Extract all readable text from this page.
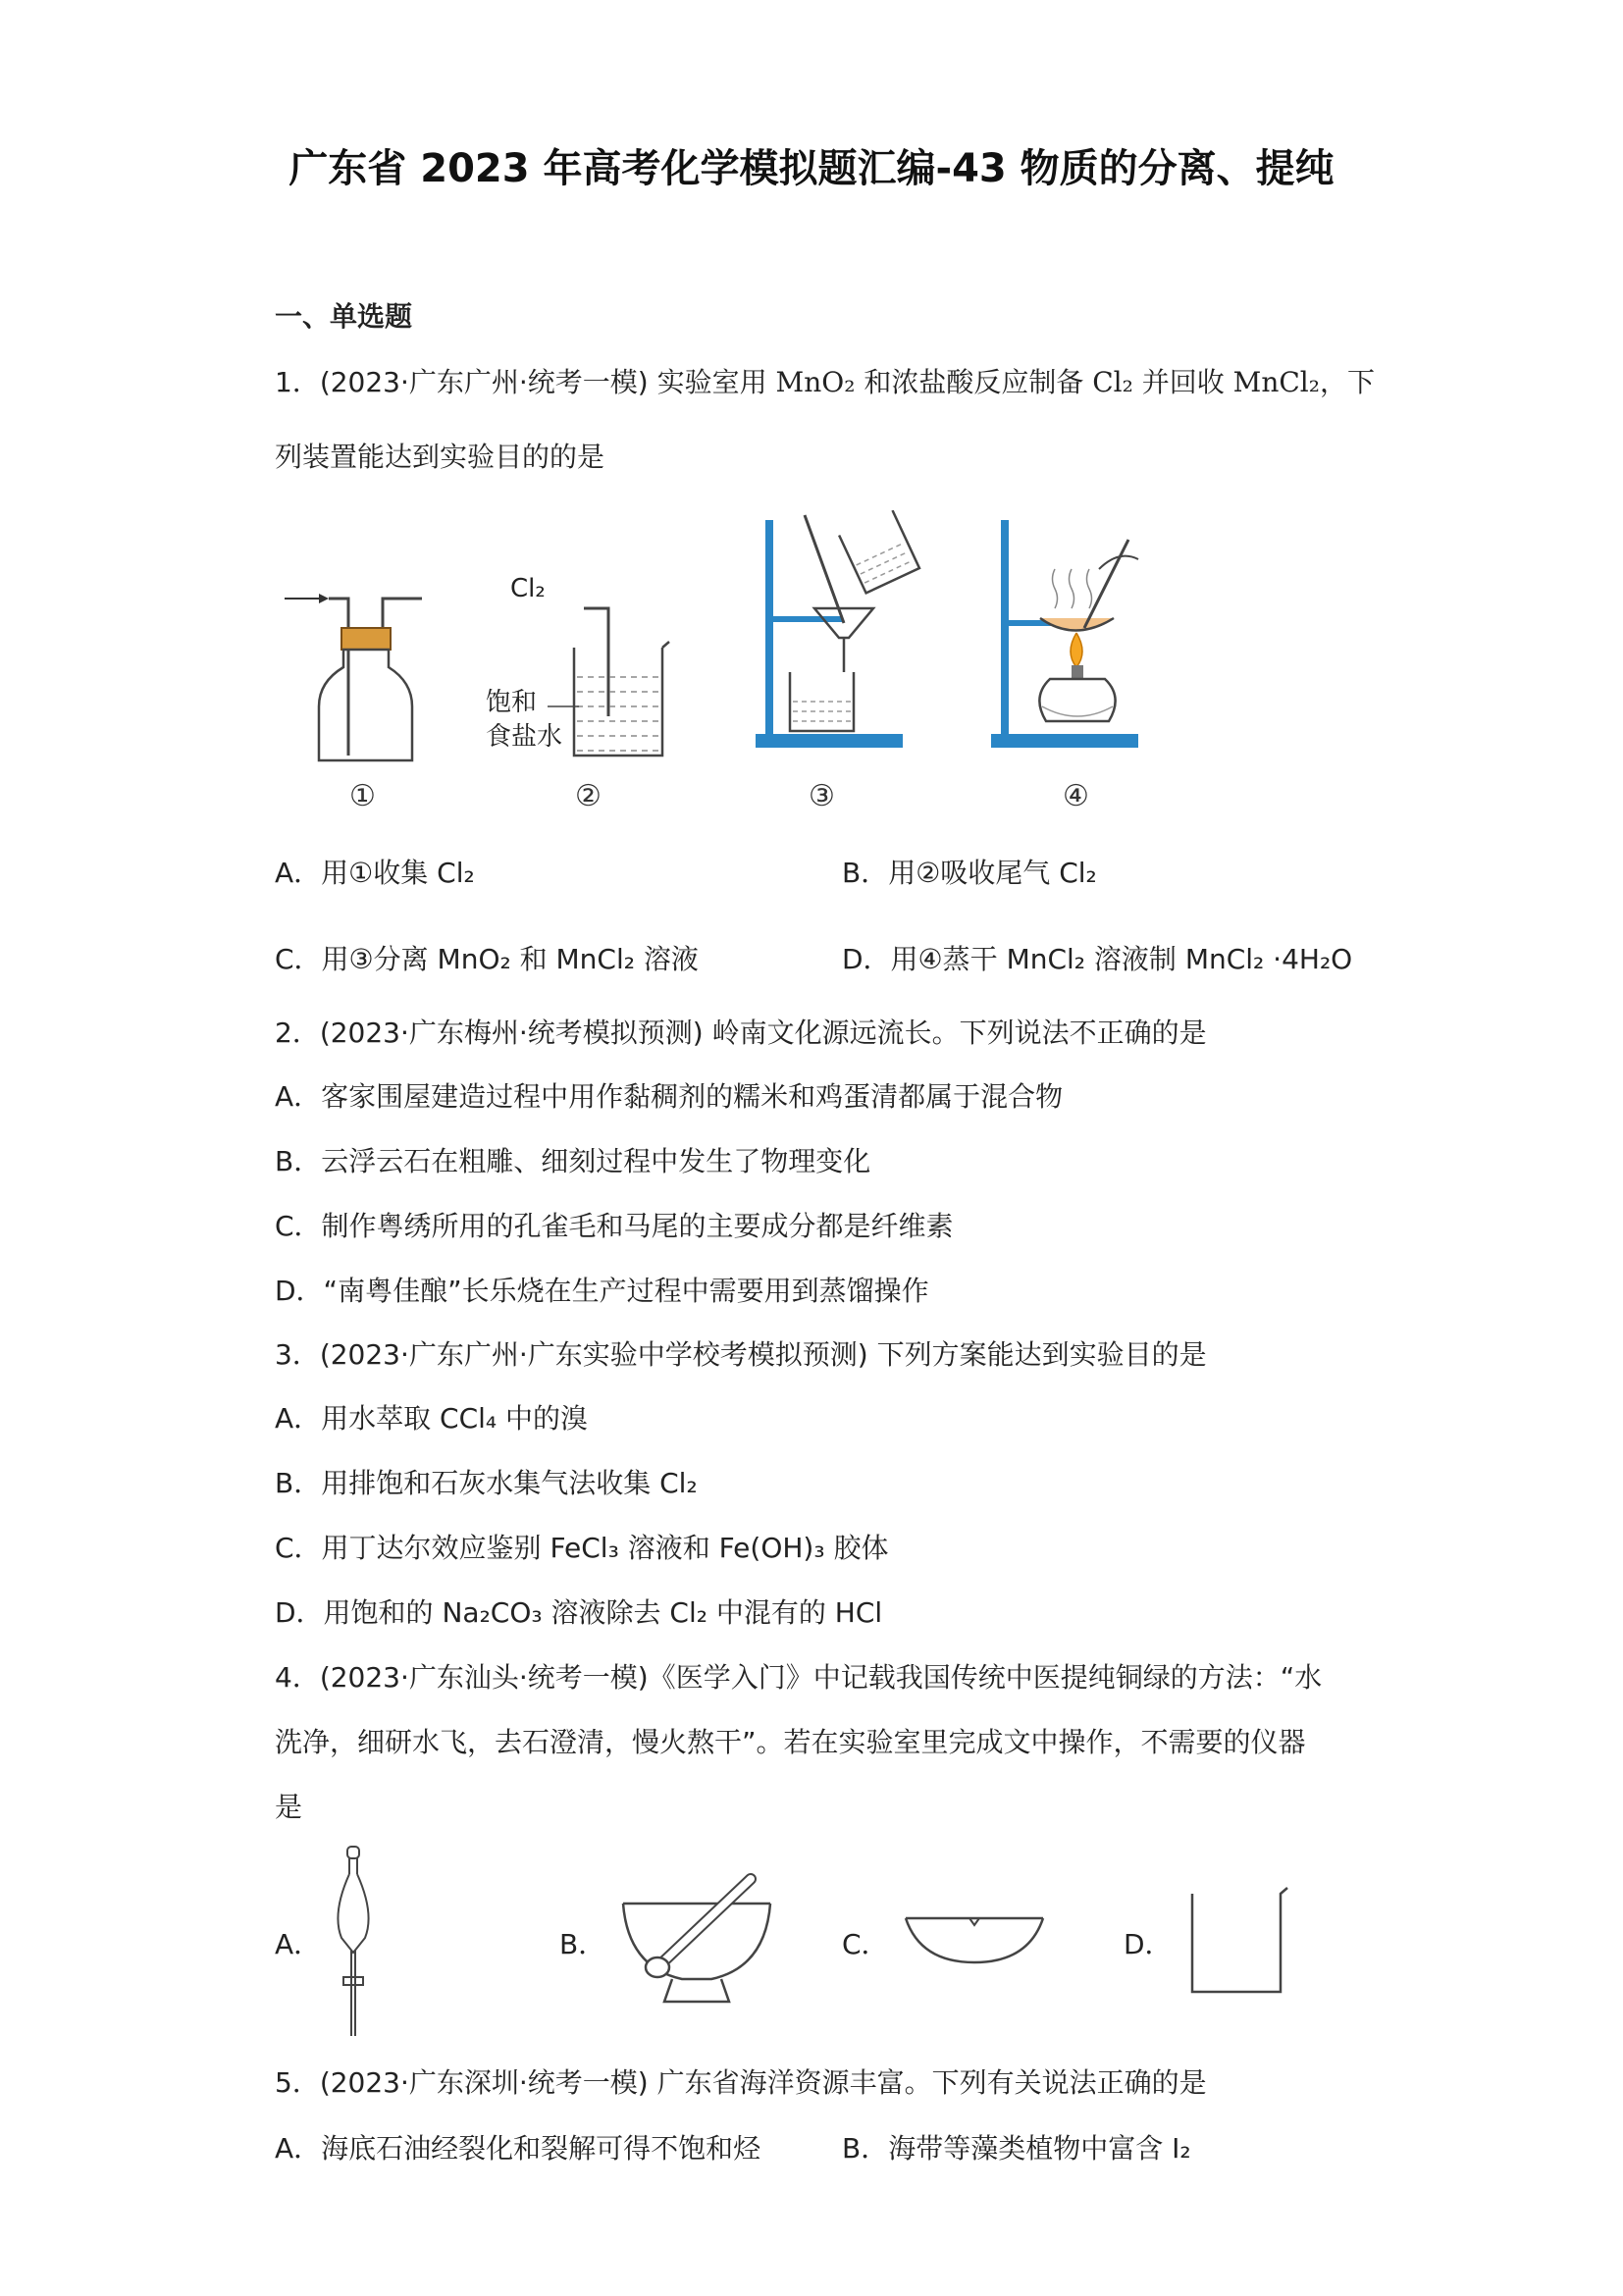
广东省 2023 年高考化学模拟题汇编-43 物质的分离、提纯
一、单选题
1．(2023·广东广州·统考一模) 实验室用 MnO₂ 和浓盐酸反应制备 Cl₂ 并回收 MnCl₂，下
列装置能达到实验目的的是
Cl₂
饱和
食盐水
①	②	③	④
A．用①收集 Cl₂	B．用②吸收尾气 Cl₂
C．用③分离 MnO₂ 和 MnCl₂ 溶液	D．用④蒸干 MnCl₂ 溶液制 MnCl₂ ·4H₂O
2．(2023·广东梅州·统考模拟预测) 岭南文化源远流长。下列说法不正确的是
A．客家围屋建造过程中用作黏稠剂的糯米和鸡蛋清都属于混合物
B．云浮云石在粗雕、细刻过程中发生了物理变化
C．制作粤绣所用的孔雀毛和马尾的主要成分都是纤维素
D．“南粤佳酿”长乐烧在生产过程中需要用到蒸馏操作
3．(2023·广东广州·广东实验中学校考模拟预测) 下列方案能达到实验目的是
A．用水萃取 CCl₄ 中的溴
B．用排饱和石灰水集气法收集 Cl₂
C．用丁达尔效应鉴别 FeCl₃ 溶液和 Fe(OH)₃ 胶体
D．用饱和的 Na₂CO₃ 溶液除去 Cl₂ 中混有的 HCl
4．(2023·广东汕头·统考一模)《医学入门》中记载我国传统中医提纯铜绿的方法：“水
洗净，细研水飞，去石澄清，慢火熬干”。若在实验室里完成文中操作，不需要的仪器
是
A．	B．	C．	D．
5．(2023·广东深圳·统考一模) 广东省海洋资源丰富。下列有关说法正确的是
A．海底石油经裂化和裂解可得不饱和烃	B．海带等藻类植物中富含 I₂
